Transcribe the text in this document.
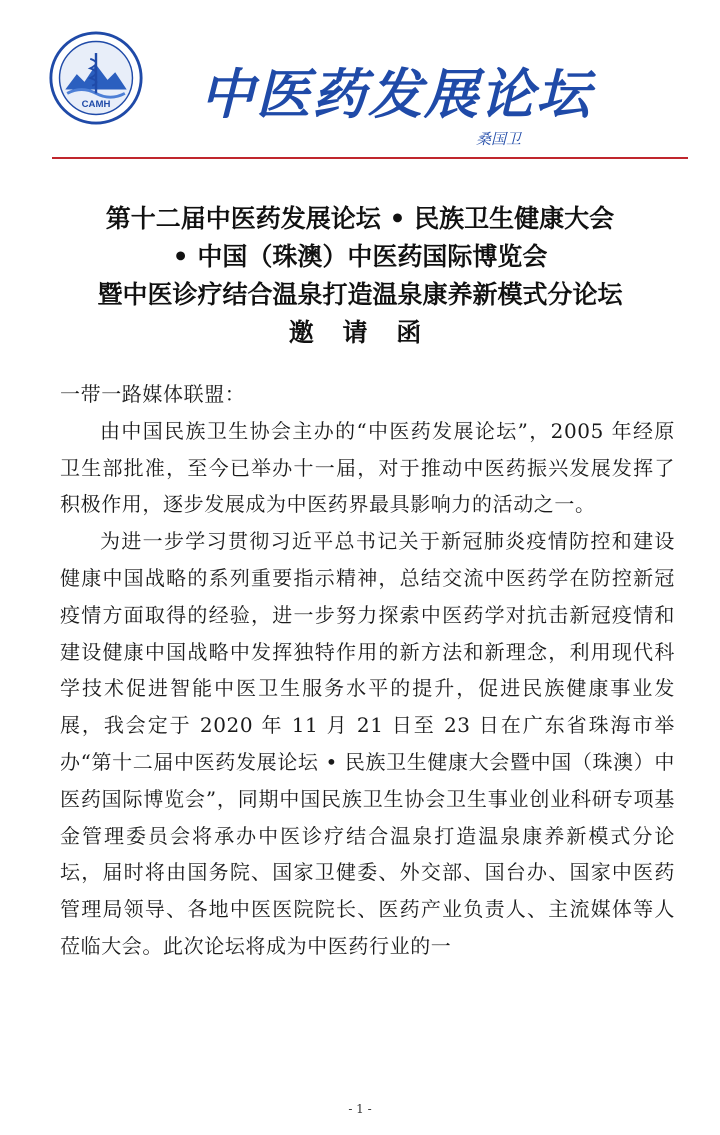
CAMH 中医药发展论坛
桑国卫
第十二届中医药发展论坛 • 民族卫生健康大会
• 中国（珠澳）中医药国际博览会
暨中医诊疗结合温泉打造温泉康养新模式分论坛
邀 请 函

一带一路媒体联盟：

由中国民族卫生协会主办的“中医药发展论坛”，2005 年经原卫生部批准，至今已举办十一届，对于推动中医药振兴发展发挥了积极作用，逐步发展成为中医药界最具影响力的活动之一。

为进一步学习贯彻习近平总书记关于新冠肺炎疫情防控和建设健康中国战略的系列重要指示精神，总结交流中医药学在防控新冠疫情方面取得的经验，进一步努力探索中医药学对抗击新冠疫情和建设健康中国战略中发挥独特作用的新方法和新理念，利用现代科学技术促进智能中医卫生服务水平的提升，促进民族健康事业发展，我会定于 2020 年 11 月 21 日至 23 日在广东省珠海市举办“第十二届中医药发展论坛 • 民族卫生健康大会暨中国（珠澳）中医药国际博览会”，同期中国民族卫生协会卫生事业创业科研专项基金管理委员会将承办中医诊疗结合温泉打造温泉康养新模式分论坛，届时将由国务院、国家卫健委、外交部、国台办、国家中医药管理局领导、各地中医医院院长、医药产业负责人、主流媒体等人莅临大会。此次论坛将成为中医药行业的一

- 1 -
